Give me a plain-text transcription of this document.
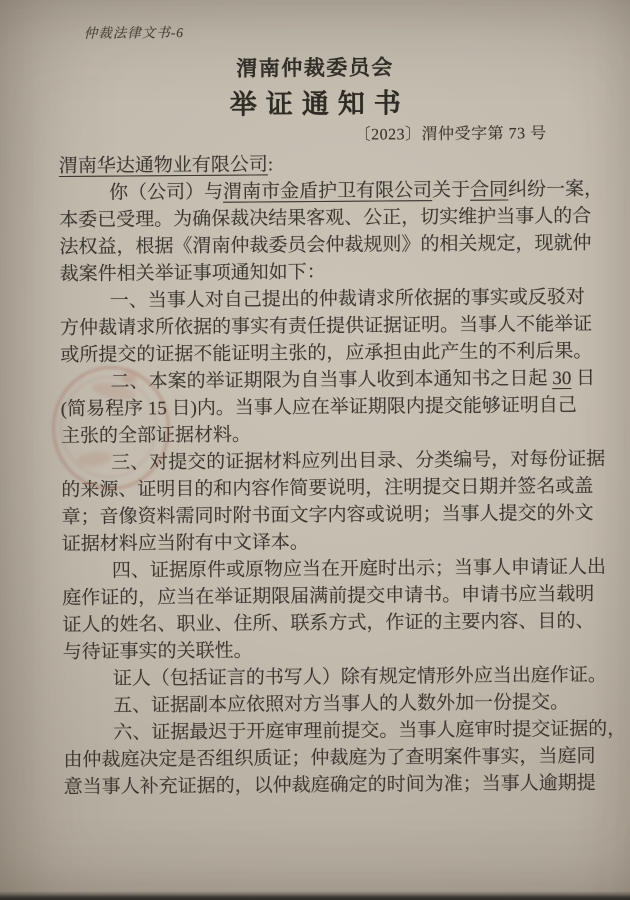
仲裁法律文书-6
渭南仲裁委员会
举证通知书
〔2023〕渭仲受字第 73 号
渭南华达通物业有限公司:
你（公司）与渭南市金盾护卫有限公司关于合同纠纷一案，
本委已受理。为确保裁决结果客观、公正，切实维护当事人的合
法权益，根据《渭南仲裁委员会仲裁规则》的相关规定，现就仲
裁案件相关举证事项通知如下：
一、当事人对自己提出的仲裁请求所依据的事实或反驳对
方仲裁请求所依据的事实有责任提供证据证明。当事人不能举证
或所提交的证据不能证明主张的，应承担由此产生的不利后果。
二、本案的举证期限为自当事人收到本通知书之日起 30 日
(简易程序 15 日)内。当事人应在举证期限内提交能够证明自己
主张的全部证据材料。
三、对提交的证据材料应列出目录、分类编号，对每份证据
的来源、证明目的和内容作简要说明，注明提交日期并签名或盖
章；音像资料需同时附书面文字内容或说明；当事人提交的外文
证据材料应当附有中文译本。
四、证据原件或原物应当在开庭时出示；当事人申请证人出
庭作证的，应当在举证期限届满前提交申请书。申请书应当载明
证人的姓名、职业、住所、联系方式，作证的主要内容、目的、
与待证事实的关联性。
证人（包括证言的书写人）除有规定情形外应当出庭作证。
五、证据副本应依照对方当事人的人数外加一份提交。
六、证据最迟于开庭审理前提交。当事人庭审时提交证据的，
由仲裁庭决定是否组织质证；仲裁庭为了查明案件事实，当庭同
意当事人补充证据的，以仲裁庭确定的时间为准；当事人逾期提
